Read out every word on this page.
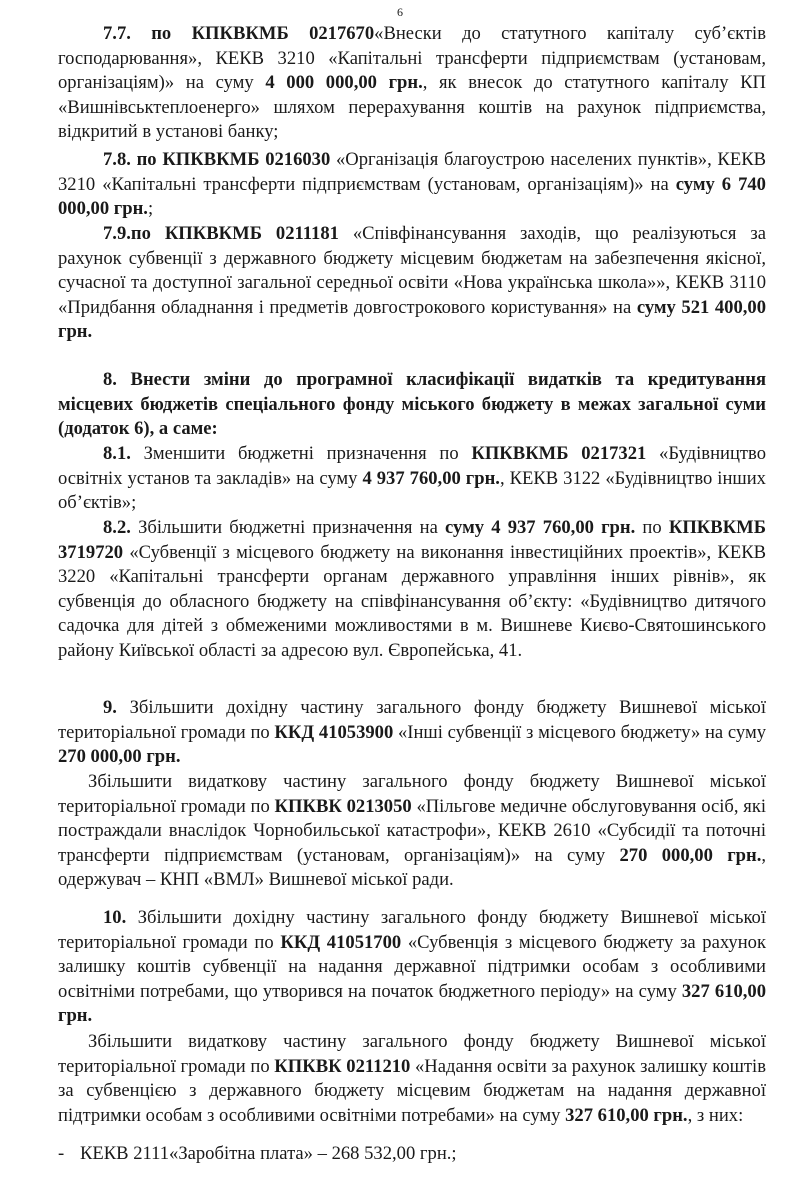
6

7.7. по КПКВКМБ 0217670«Внески до статутного капіталу суб’єктів господарювання», КЕКВ 3210 «Капітальні трансферти підприємствам (установам, організаціям)» на суму 4 000 000,00 грн., як внесок до статутного капіталу КП «Вишнівськтеплоенерго» шляхом перерахування коштів на рахунок підприємства, відкритий в установі банку;

7.8. по КПКВКМБ 0216030 «Організація благоустрою населених пунктів», КЕКВ 3210 «Капітальні трансферти підприємствам (установам, організаціям)» на суму 6 740 000,00 грн.;

7.9.по КПКВКМБ 0211181 «Співфінансування заходів, що реалізуються за рахунок субвенції з державного бюджету місцевим бюджетам на забезпечення якісної, сучасної та доступної загальної середньої освіти «Нова українська школа»», КЕКВ 3110 «Придбання обладнання і предметів довгострокового користування» на суму 521 400,00 грн.

8. Внести зміни до програмної класифікації видатків та кредитування місцевих бюджетів спеціального фонду міського бюджету в межах загальної суми (додаток 6), а саме:

8.1. Зменшити бюджетні призначення по КПКВКМБ 0217321 «Будівництво освітніх установ та закладів» на суму 4 937 760,00 грн., КЕКВ 3122 «Будівництво інших об’єктів»;

8.2. Збільшити бюджетні призначення на суму 4 937 760,00 грн. по КПКВКМБ 3719720 «Субвенції з місцевого бюджету на виконання інвестиційних проектів», КЕКВ 3220 «Капітальні трансферти органам державного управління інших рівнів», як субвенція до обласного бюджету на співфінансування об’єкту: «Будівництво дитячого садочка для дітей з обмеженими можливостями в м. Вишневе Києво-Святошинського району Київської області за адресою вул. Європейська, 41.

9. Збільшити дохідну частину загального фонду бюджету Вишневої міської територіальної громади по ККД 41053900 «Інші субвенції з місцевого бюджету» на суму 270 000,00 грн.

Збільшити видаткову частину загального фонду бюджету Вишневої міської територіальної громади по КПКВК 0213050 «Пільгове медичне обслуговування осіб, які постраждали внаслідок Чорнобильської катастрофи», КЕКВ 2610 «Субсидії та поточні трансферти підприємствам (установам, організаціям)» на суму 270 000,00 грн., одержувач – КНП «ВМЛ» Вишневої міської ради.

10. Збільшити дохідну частину загального фонду бюджету Вишневої міської територіальної громади по ККД 41051700 «Субвенція з місцевого бюджету за рахунок залишку коштів субвенції на надання державної підтримки особам з особливими освітніми потребами, що утворився на початок бюджетного періоду» на суму 327 610,00 грн.

Збільшити видаткову частину загального фонду бюджету Вишневої міської територіальної громади по КПКВК 0211210 «Надання освіти за рахунок залишку коштів за субвенцією з державного бюджету місцевим бюджетам на надання державної підтримки особам з особливими освітніми потребами» на суму 327 610,00 грн., з них:

- КЕКВ 2111«Заробітна плата» – 268 532,00 грн.;
